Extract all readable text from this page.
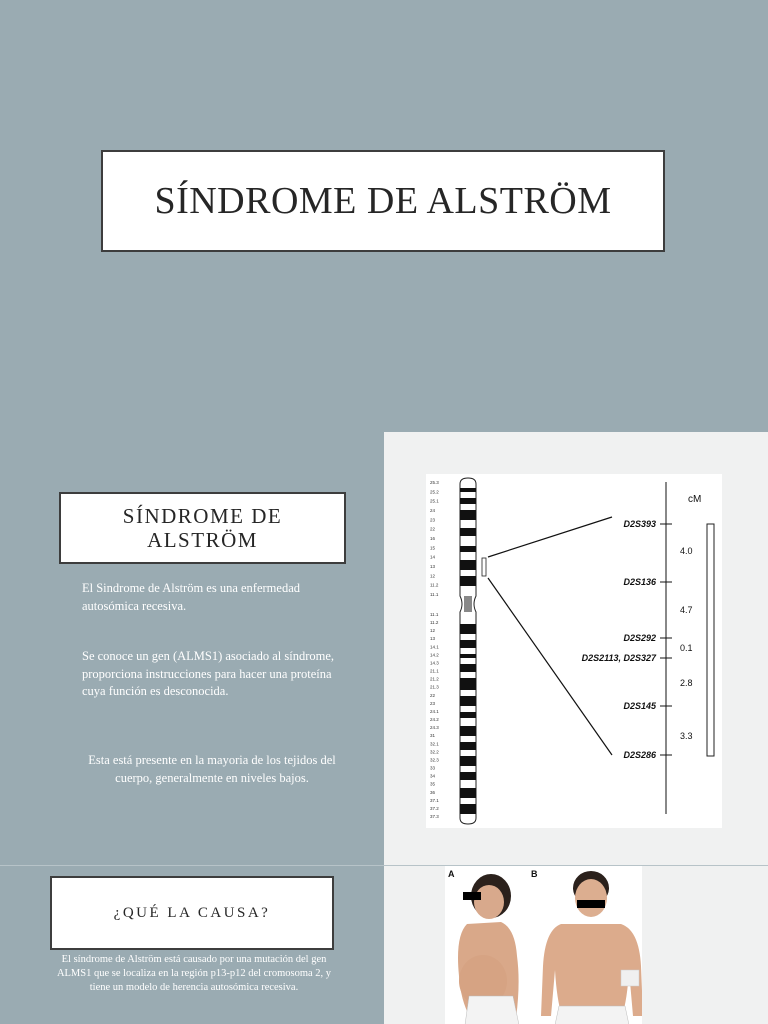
SÍNDROME DE ALSTRÖM
SÍNDROME DE
ALSTRÖM
El Sindrome de Alström es una enfermedad autosómica recesiva.
Se conoce un gen (ALMS1) asociado al síndrome, proporciona instrucciones para hacer una proteína cuya función es desconocida.
Esta está presente en la mayoria de los tejidos del cuerpo, generalmente en niveles bajos.
25.3
25.2
25.1
24
23
22
16
15
14
13
12
11.2
11.1
11.1
11.2
12
13
14.1
14.2
14.3
21.1
21.2
21.3
22
23
24.1
24.2
24.3
31
32.1
32.2
32.3
33
34
35
36
37.1
37.2
37.3
D2S393
D2S136
D2S292
D2S2113, D2S327
D2S145
D2S286
cM
4.0
4.7
0.1
2.8
3.3
¿QUÉ LA CAUSA?
El síndrome de Alström está causado por una mutación del gen ALMS1 que se localiza en la región p13-p12 del cromosoma 2, y tiene un modelo de herencia autosómica recesiva.
A	B
